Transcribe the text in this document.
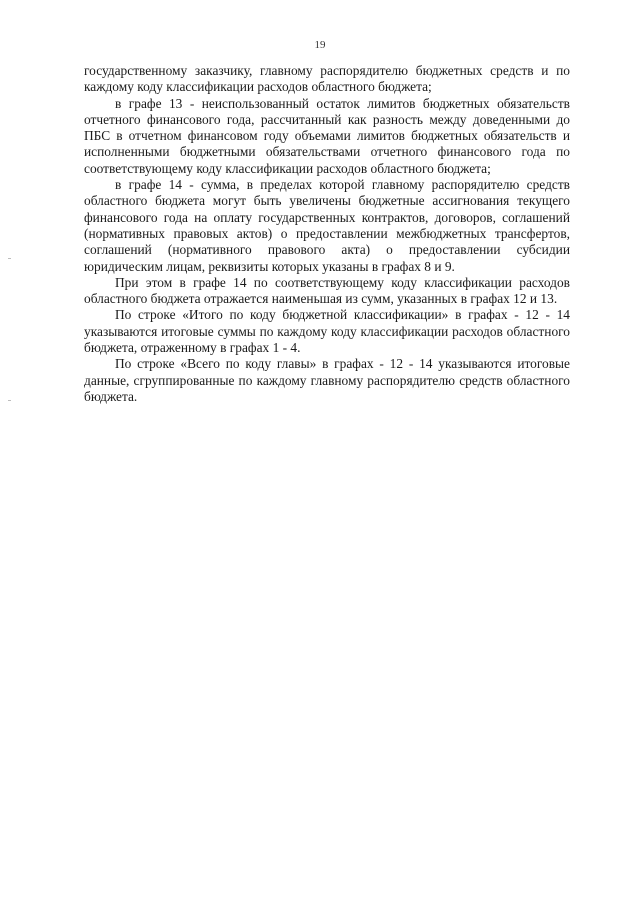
19

государственному заказчику, главному распорядителю бюджетных средств и по каждому коду классификации расходов областного бюджета;

в графе 13 - неиспользованный остаток лимитов бюджетных обязательств отчетного финансового года, рассчитанный как разность между доведенными до ПБС в отчетном финансовом году объемами лимитов бюджетных обязательств и исполненными бюджетными обязательствами отчетного финансового года по соответствующему коду классификации расходов областного бюджета;

в графе 14 - сумма, в пределах которой главному распорядителю средств областного бюджета могут быть увеличены бюджетные ассигнования текущего финансового года на оплату государственных контрактов, договоров, соглашений (нормативных правовых актов) о предоставлении межбюджетных трансфертов, соглашений (нормативного правового акта) о предоставлении субсидии юридическим лицам, реквизиты которых указаны в графах 8 и 9.

При этом в графе 14 по соответствующему коду классификации расходов областного бюджета отражается наименьшая из сумм, указанных в графах 12 и 13.

По строке «Итого по коду бюджетной классификации» в графах - 12 - 14 указываются итоговые суммы по каждому коду классификации расходов областного бюджета, отраженному в графах 1 - 4.

По строке «Всего по коду главы» в графах - 12 - 14 указываются итоговые данные, сгруппированные по каждому главному распорядителю средств областного бюджета.
